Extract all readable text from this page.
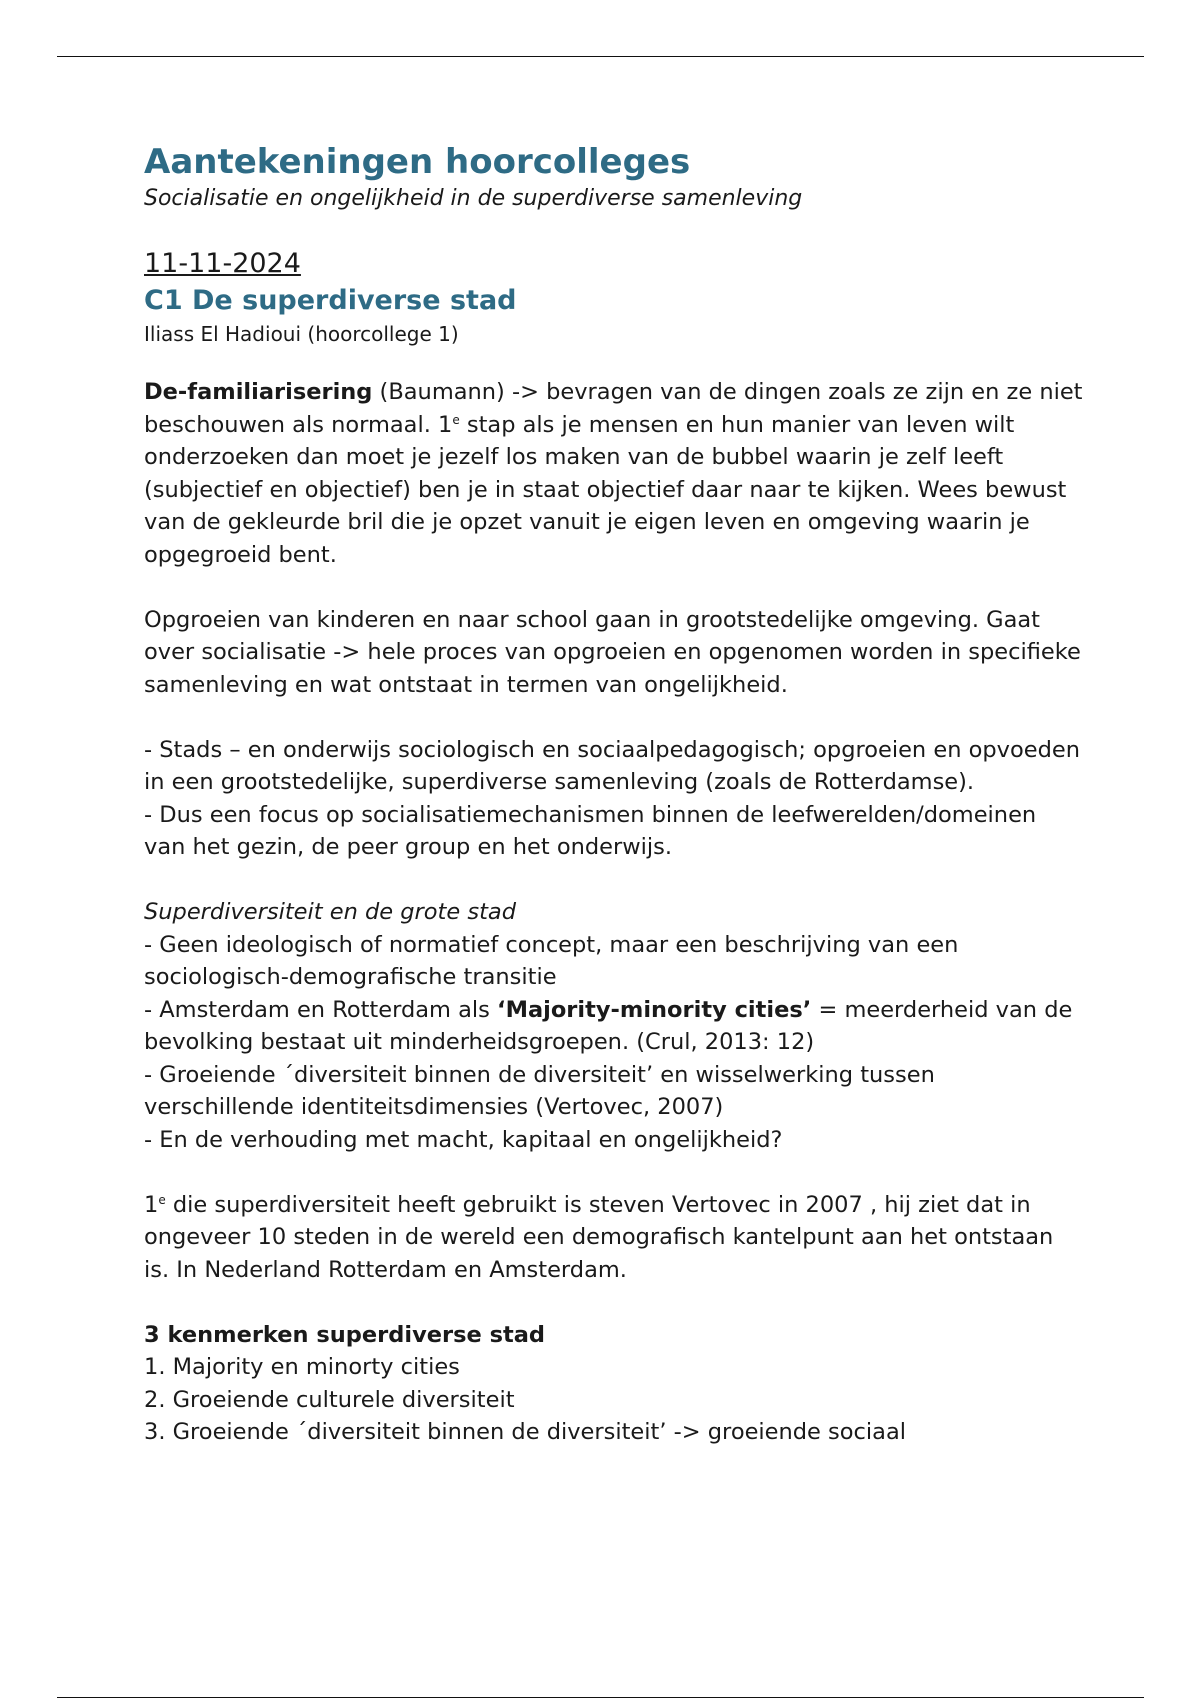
Aantekeningen hoorcolleges
Socialisatie en ongelijkheid in de superdiverse samenleving
11-11-2024
C1 De superdiverse stad
Iliass El Hadioui (hoorcollege 1)

De-familiarisering (Baumann) -> bevragen van de dingen zoals ze zijn en ze niet beschouwen als normaal. 1e stap als je mensen en hun manier van leven wilt onderzoeken dan moet je jezelf los maken van de bubbel waarin je zelf leeft (subjectief en objectief) ben je in staat objectief daar naar te kijken. Wees bewust van de gekleurde bril die je opzet vanuit je eigen leven en omgeving waarin je opgegroeid bent.

Opgroeien van kinderen en naar school gaan in grootstedelijke omgeving. Gaat over socialisatie -> hele proces van opgroeien en opgenomen worden in specifieke samenleving en wat ontstaat in termen van ongelijkheid.

- Stads – en onderwijs sociologisch en sociaalpedagogisch; opgroeien en opvoeden in een grootstedelijke, superdiverse samenleving (zoals de Rotterdamse).
- Dus een focus op socialisatiemechanismen binnen de leefwerelden/domeinen van het gezin, de peer group en het onderwijs.
Superdiversiteit en de grote stad
- Geen ideologisch of normatief concept, maar een beschrijving van een sociologisch-demografische transitie
- Amsterdam en Rotterdam als ‘Majority-minority cities’ = meerderheid van de bevolking bestaat uit minderheidsgroepen. (Crul, 2013: 12)
- Groeiende ´diversiteit binnen de diversiteit’ en wisselwerking tussen verschillende identiteitsdimensies (Vertovec, 2007)
- En de verhouding met macht, kapitaal en ongelijkheid?

1e die superdiversiteit heeft gebruikt is steven Vertovec in 2007 , hij ziet dat in ongeveer 10 steden in de wereld een demografisch kantelpunt aan het ontstaan is. In Nederland Rotterdam en Amsterdam.

3 kenmerken superdiverse stad
1. Majority en minorty cities
2. Groeiende culturele diversiteit
3. Groeiende ´diversiteit binnen de diversiteit’ -> groeiende sociaal
